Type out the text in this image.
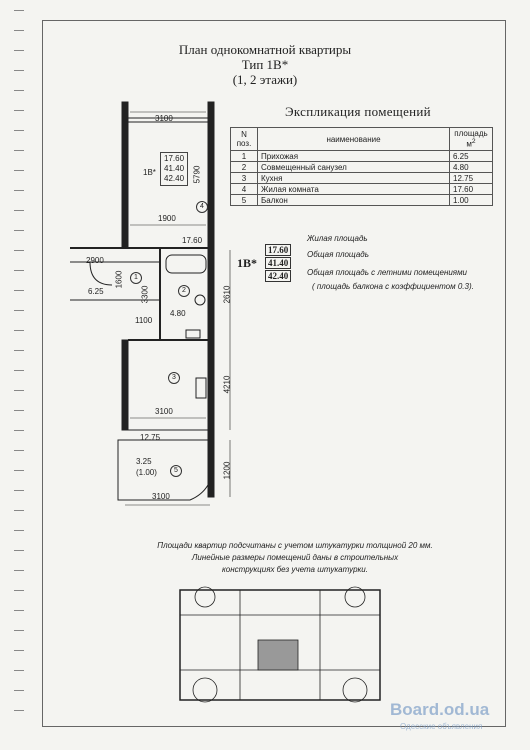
План однокомнатной квартиры
Тип 1В*
(1, 2 этажи)
Экспликация помещений
N поз.	наименование	площадь $м^2$
1	Прихожая	6.25
2	Совмещенный санузел	4.80
3	Кухня	12.75
4	Жилая комната	17.60
5	Балкон	1.00
3100
1900
17.60
2900
6.25
4.80
1100
3100
12.75
3.25
(1.00)
3100
5790
1600
3300	2610
4210
1200
4
1
2
3
5
1В*
17.60
41.40
42.40
1В*
17.60
41.40
42.40
Жилая площадь
Общая площадь
Общая площадь с летними помещениями
( площадь балкона с коэффициентом 0.3).
Площади квартир подсчитаны с учетом штукатурки толщиной 20 мм.
Линейные размеры помещений даны в строительных
конструкциях без учета штукатурки.
Board.od.ua
Одесские объявления
